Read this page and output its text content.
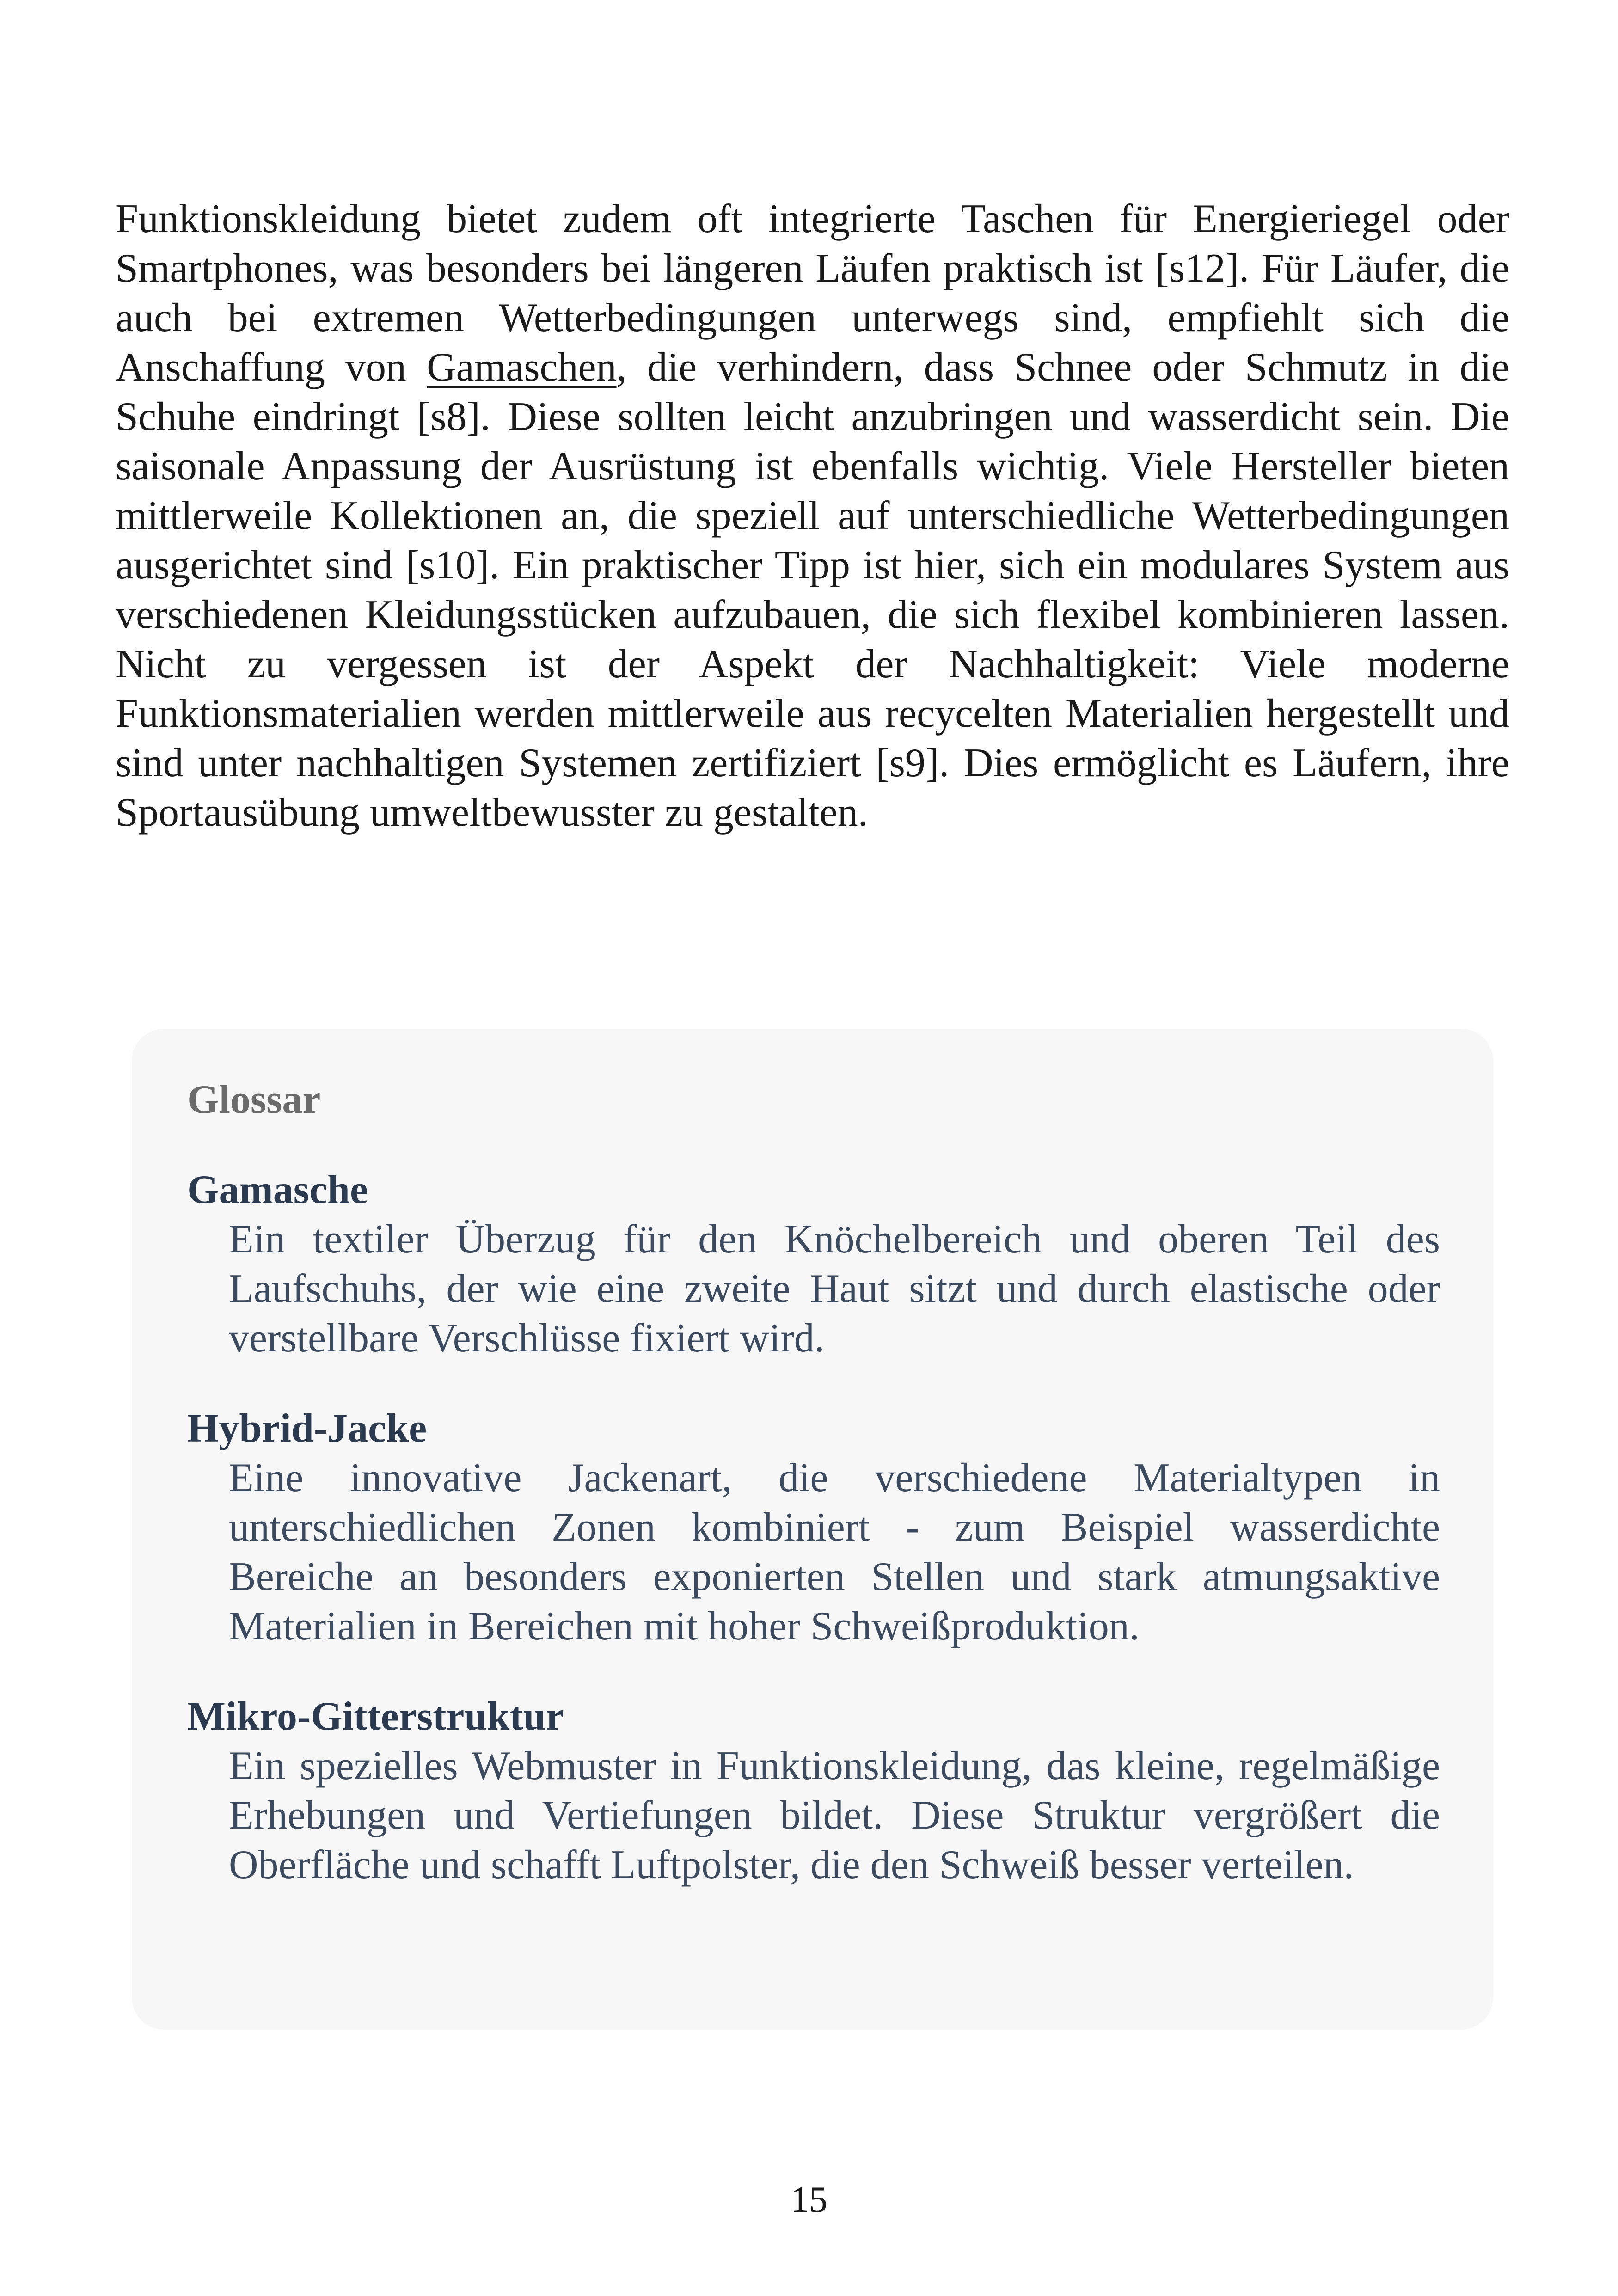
Funktionskleidung bietet zudem oft integrierte Taschen für Energieriegel oder Smartphones, was besonders bei längeren Läufen praktisch ist [s12]. Für Läufer, die auch bei extremen Wetterbedingungen unterwegs sind, empfiehlt sich die Anschaffung von Gamaschen, die verhindern, dass Schnee oder Schmutz in die Schuhe eindringt [s8]. Diese sollten leicht anzubringen und wasserdicht sein. Die saisonale Anpassung der Ausrüstung ist ebenfalls wichtig. Viele Hersteller bieten mittlerweile Kollektionen an, die speziell auf unterschiedliche Wetterbedingungen ausgerichtet sind [s10]. Ein praktischer Tipp ist hier, sich ein modulares System aus verschiedenen Kleidungsstücken aufzubauen, die sich flexibel kombinieren lassen. Nicht zu vergessen ist der Aspekt der Nachhaltigkeit: Viele moderne Funktionsmaterialien werden mittlerweile aus recycelten Materialien hergestellt und sind unter nachhaltigen Systemen zertifiziert [s9]. Dies ermöglicht es Läufern, ihre Sportausübung umweltbewusster zu gestalten.

Glossar

Gamasche

Ein textiler Überzug für den Knöchelbereich und oberen Teil des Laufschuhs, der wie eine zweite Haut sitzt und durch elastische oder verstellbare Verschlüsse fixiert wird.

Hybrid-Jacke

Eine innovative Jackenart, die verschiedene Materialtypen in unterschiedlichen Zonen kombiniert - zum Beispiel wasserdichte Bereiche an besonders exponierten Stellen und stark atmungsaktive Materialien in Bereichen mit hoher Schweißproduktion.

Mikro-Gitterstruktur

Ein spezielles Webmuster in Funktionskleidung, das kleine, regelmäßige Erhebungen und Vertiefungen bildet. Diese Struktur vergrößert die Oberfläche und schafft Luftpolster, die den Schweiß besser verteilen.

15
